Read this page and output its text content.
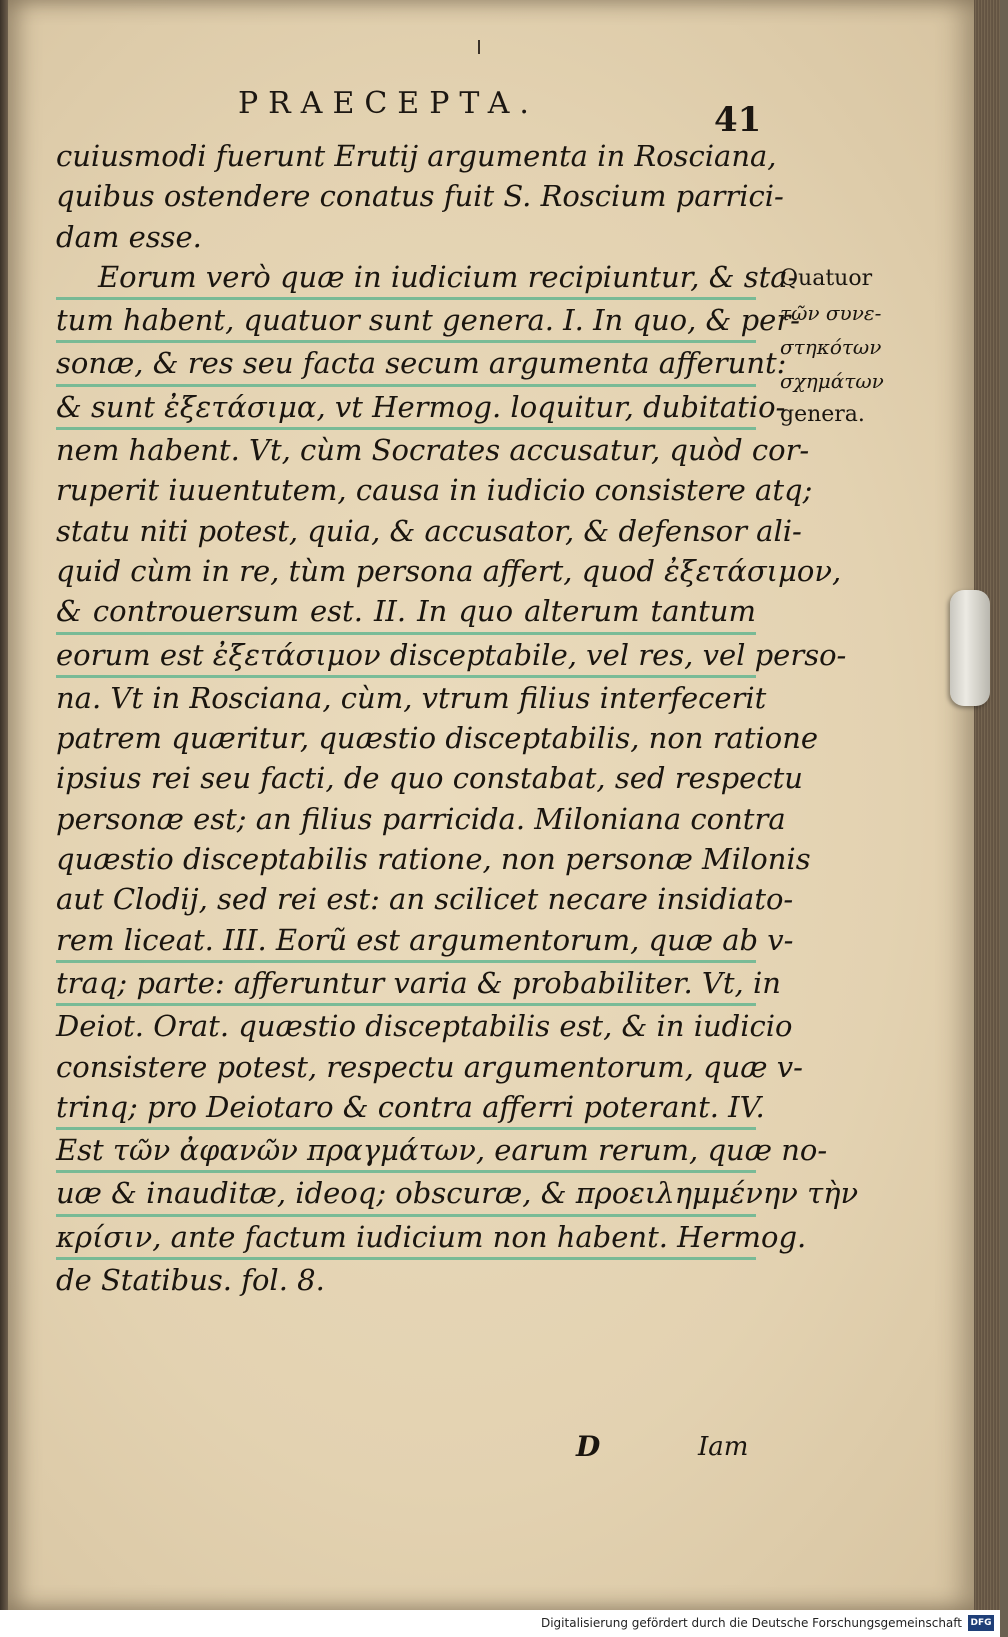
PRAECEPTA.	41
cuiusmodi fuerunt Erutij argumenta in Rosciana,
quibus ostendere conatus fuit S. Roscium parrici-
dam esse.
Eorum verò quæ in iudicium recipiuntur, & sta-
tum habent, quatuor sunt genera. I. In quo, & per-
sonæ, & res seu facta secum argumenta afferunt:
& sunt ἐξετάσιμα, vt Hermog. loquitur, dubitatio-
nem habent. Vt, cùm Socrates accusatur, quòd cor-
ruperit iuuentutem, causa in iudicio consistere atq;
statu niti potest, quia, & accusator, & defensor ali-
quid cùm in re, tùm persona affert, quod ἐξετάσιμον,
& controuersum est. II. In quo alterum tantum
eorum est ἐξετάσιμον disceptabile, vel res, vel perso-
na. Vt in Rosciana, cùm, vtrum filius interfecerit
patrem quæritur, quæstio disceptabilis, non ratione
ipsius rei seu facti, de quo constabat, sed respectu
personæ est; an filius parricida. Miloniana contra
quæstio disceptabilis ratione, non personæ Milonis
aut Clodij, sed rei est: an scilicet necare insidiato-
rem liceat. III. Eorũ est argumentorum, quæ ab v-
traq; parte: afferuntur varia & probabiliter. Vt, in
Deiot. Orat. quæstio disceptabilis est, & in iudicio
consistere potest, respectu argumentorum, quæ v-
trinq; pro Deiotaro & contra afferri poterant. IV.
Est τῶν ἀφανῶν πραγμάτων, earum rerum, quæ no-
uæ & inauditæ, ideoq; obscuræ, & προειλημμένην τὴν
κρίσιν, ante factum iudicium non habent. Hermog.
de Statibus. fol. 8.
Quatuor
τῶν συνε-
στηκότων
σχημάτων
genera.
D	Iam
Digitalisierung gefördert durch die Deutsche Forschungsgemeinschaft DFG
